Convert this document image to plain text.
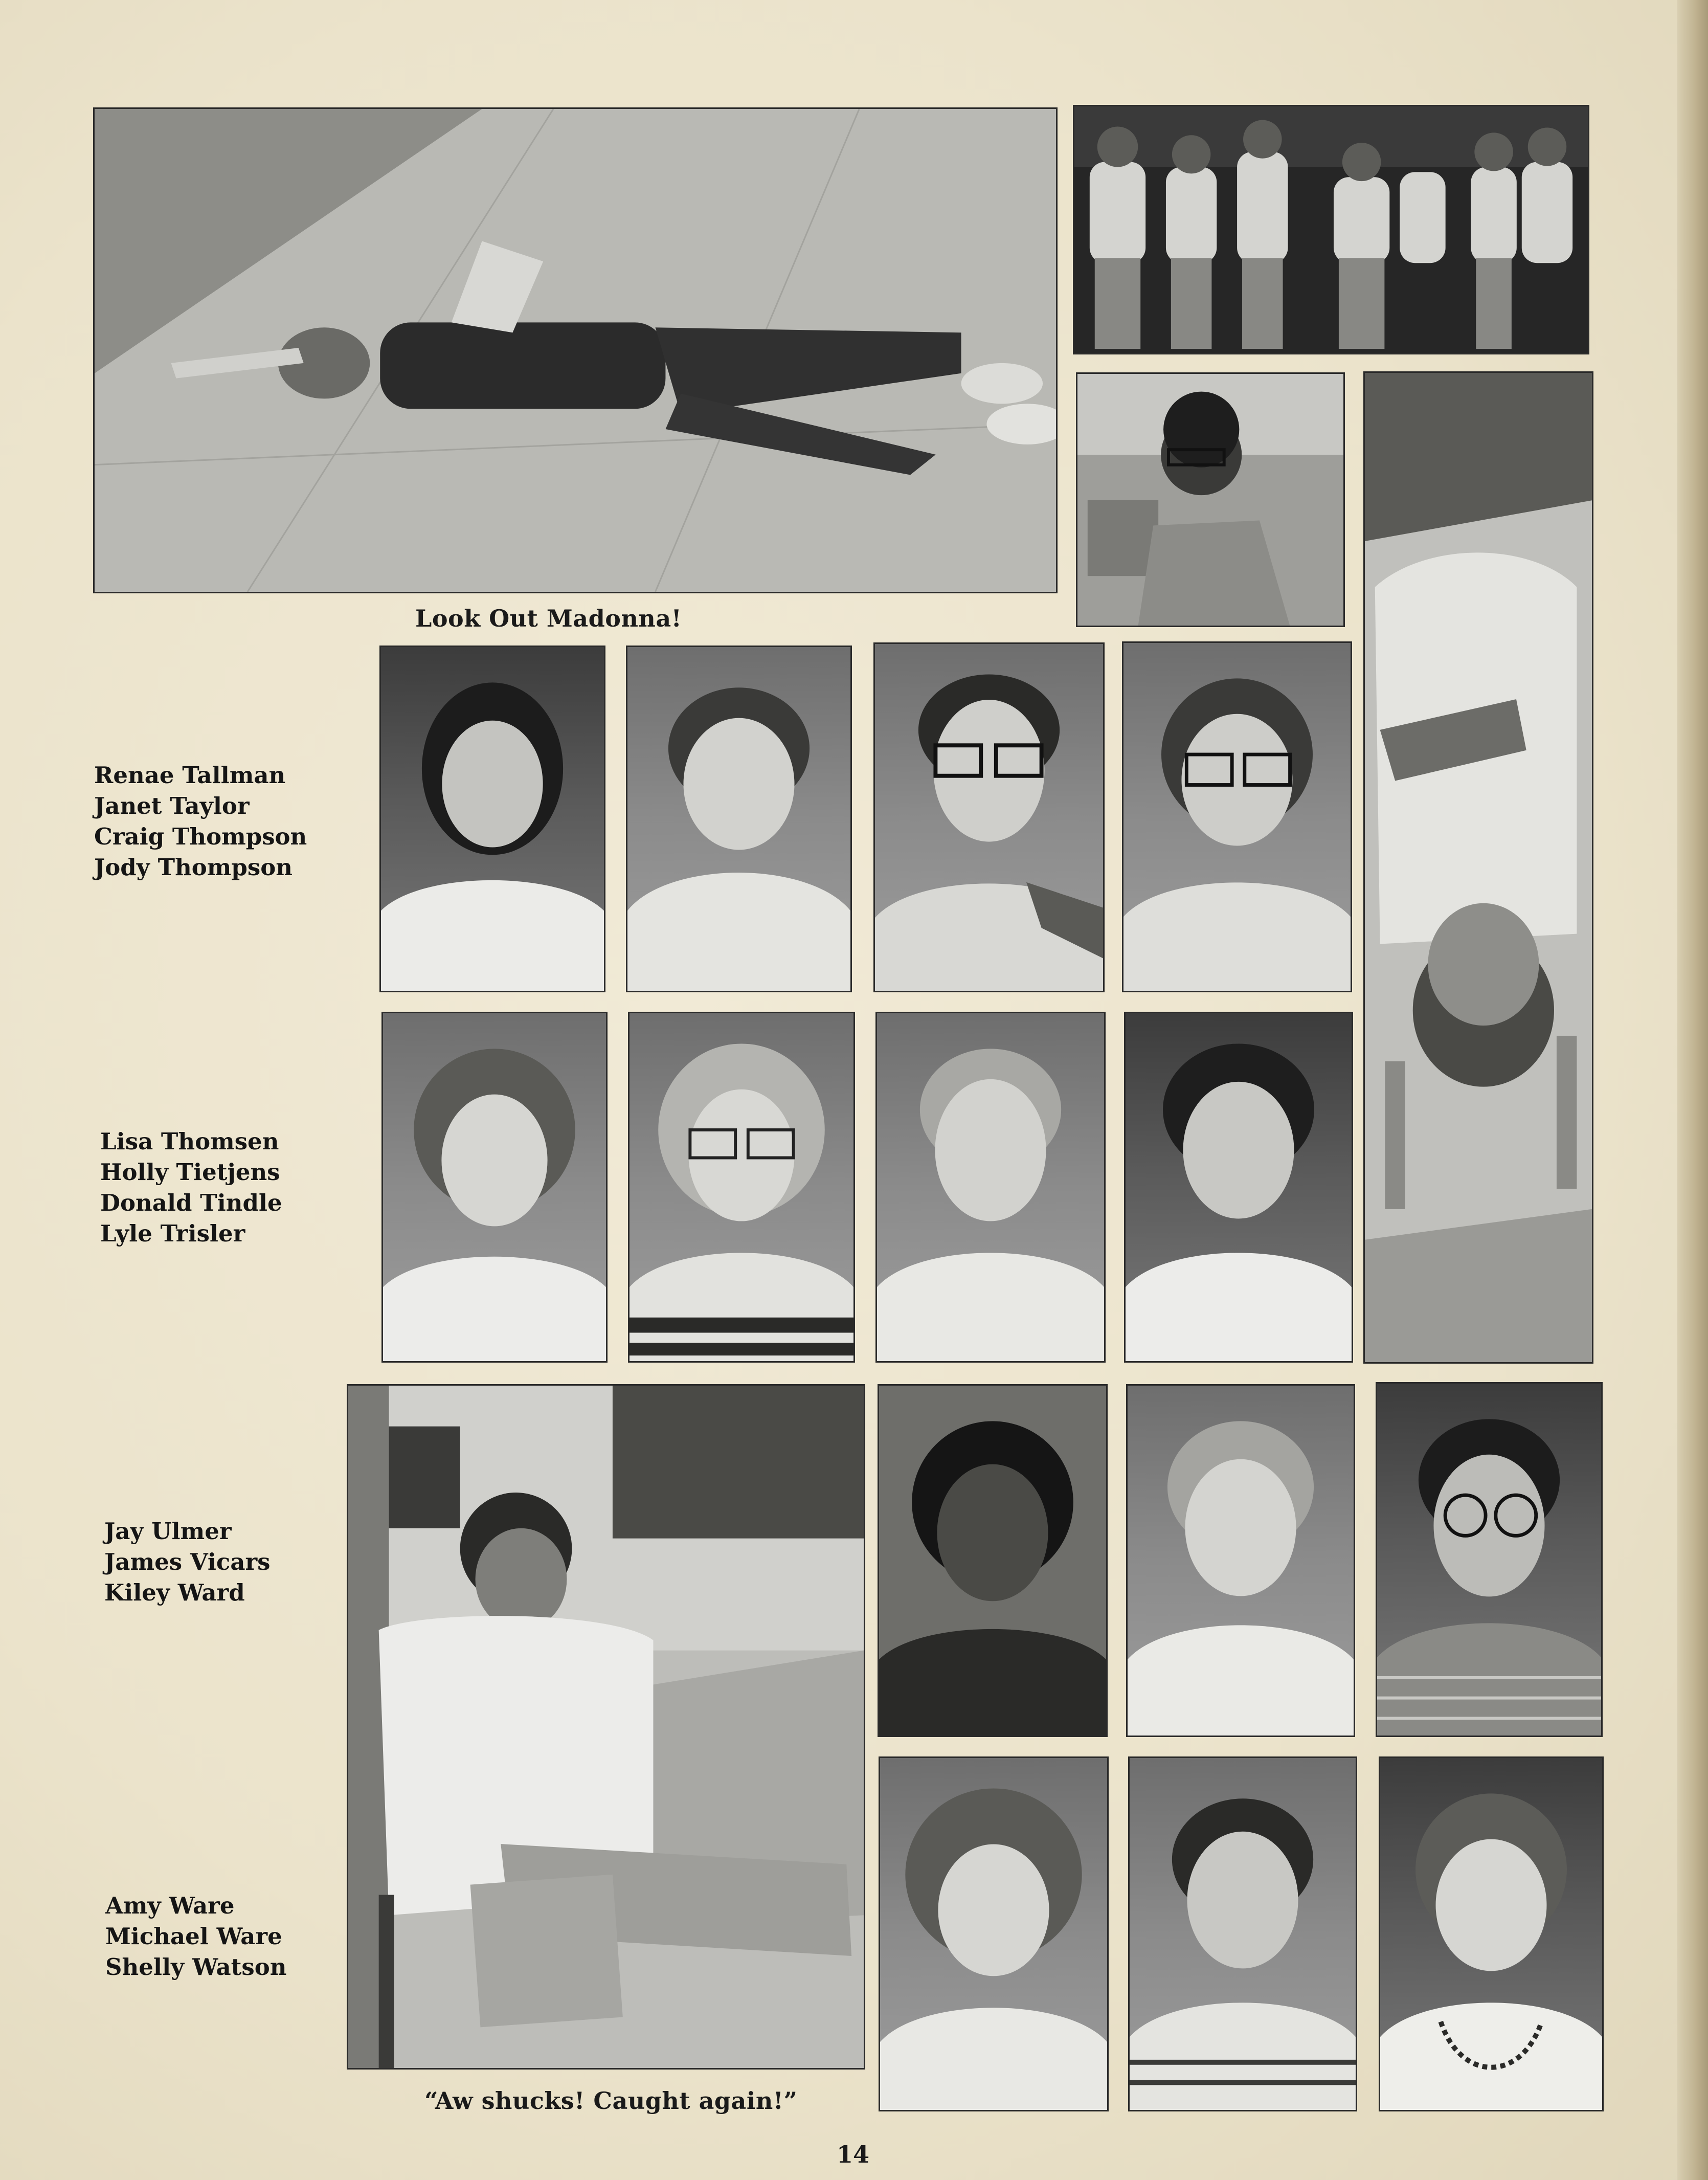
Look Out Madonna!
“Aw shucks! Caught again!”

Renae Tallman
Janet Taylor
Craig Thompson
Jody Thompson
Lisa Thomsen
Holly Tietjens
Donald Tindle
Lyle Trisler
Jay Ulmer
James Vicars
Kiley Ward
Amy Ware
Michael Ware
Shelly Watson
14
